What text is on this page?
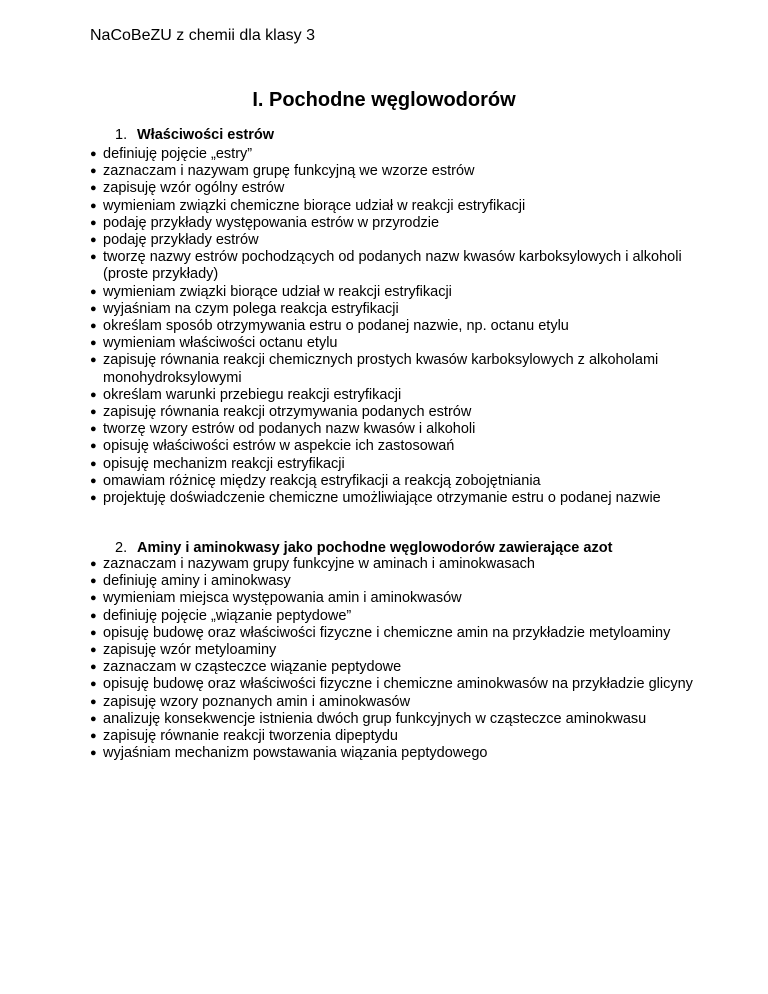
NaCoBeZU z chemii dla klasy 3
I. Pochodne węglowodorów
1. Właściwości estrów
● definiuję pojęcie „estry”
● zaznaczam i nazywam grupę funkcyjną we wzorze estrów
● zapisuję wzór ogólny estrów
● wymieniam związki chemiczne biorące udział w reakcji estryfikacji
● podaję przykłady występowania estrów w przyrodzie
● podaję przykłady estrów
● tworzę nazwy estrów pochodzących od podanych nazw kwasów karboksylowych i alkoholi (proste przykłady)
● wymieniam związki biorące udział w reakcji estryfikacji
● wyjaśniam na czym polega reakcja estryfikacji
● określam sposób otrzymywania estru o podanej nazwie, np. octanu etylu
● wymieniam właściwości octanu etylu
● zapisuję równania reakcji chemicznych prostych kwasów karboksylowych z alkoholami monohydroksylowymi
● określam warunki przebiegu reakcji estryfikacji
● zapisuję równania reakcji otrzymywania podanych estrów
● tworzę wzory estrów od podanych nazw kwasów i alkoholi
● opisuję właściwości estrów w aspekcie ich zastosowań
● opisuję mechanizm reakcji estryfikacji
● omawiam różnicę między reakcją estryfikacji a reakcją zobojętniania
● projektuję doświadczenie chemiczne umożliwiające otrzymanie estru o podanej nazwie
2. Aminy i aminokwasy jako pochodne węglowodorów zawierające azot
● zaznaczam i nazywam grupy funkcyjne w aminach i aminokwasach
● definiuję aminy i aminokwasy
● wymieniam miejsca występowania amin i aminokwasów
● definiuję pojęcie „wiązanie peptydowe”
● opisuję budowę oraz właściwości fizyczne i chemiczne amin na przykładzie metyloaminy
● zapisuję wzór metyloaminy
● zaznaczam w cząsteczce wiązanie peptydowe
● opisuję budowę oraz właściwości fizyczne i chemiczne aminokwasów na przykładzie glicyny
● zapisuję wzory poznanych amin i aminokwasów
● analizuję konsekwencje istnienia dwóch grup funkcyjnych w cząsteczce aminokwasu
● zapisuję równanie reakcji tworzenia dipeptydu
● wyjaśniam mechanizm powstawania wiązania peptydowego
